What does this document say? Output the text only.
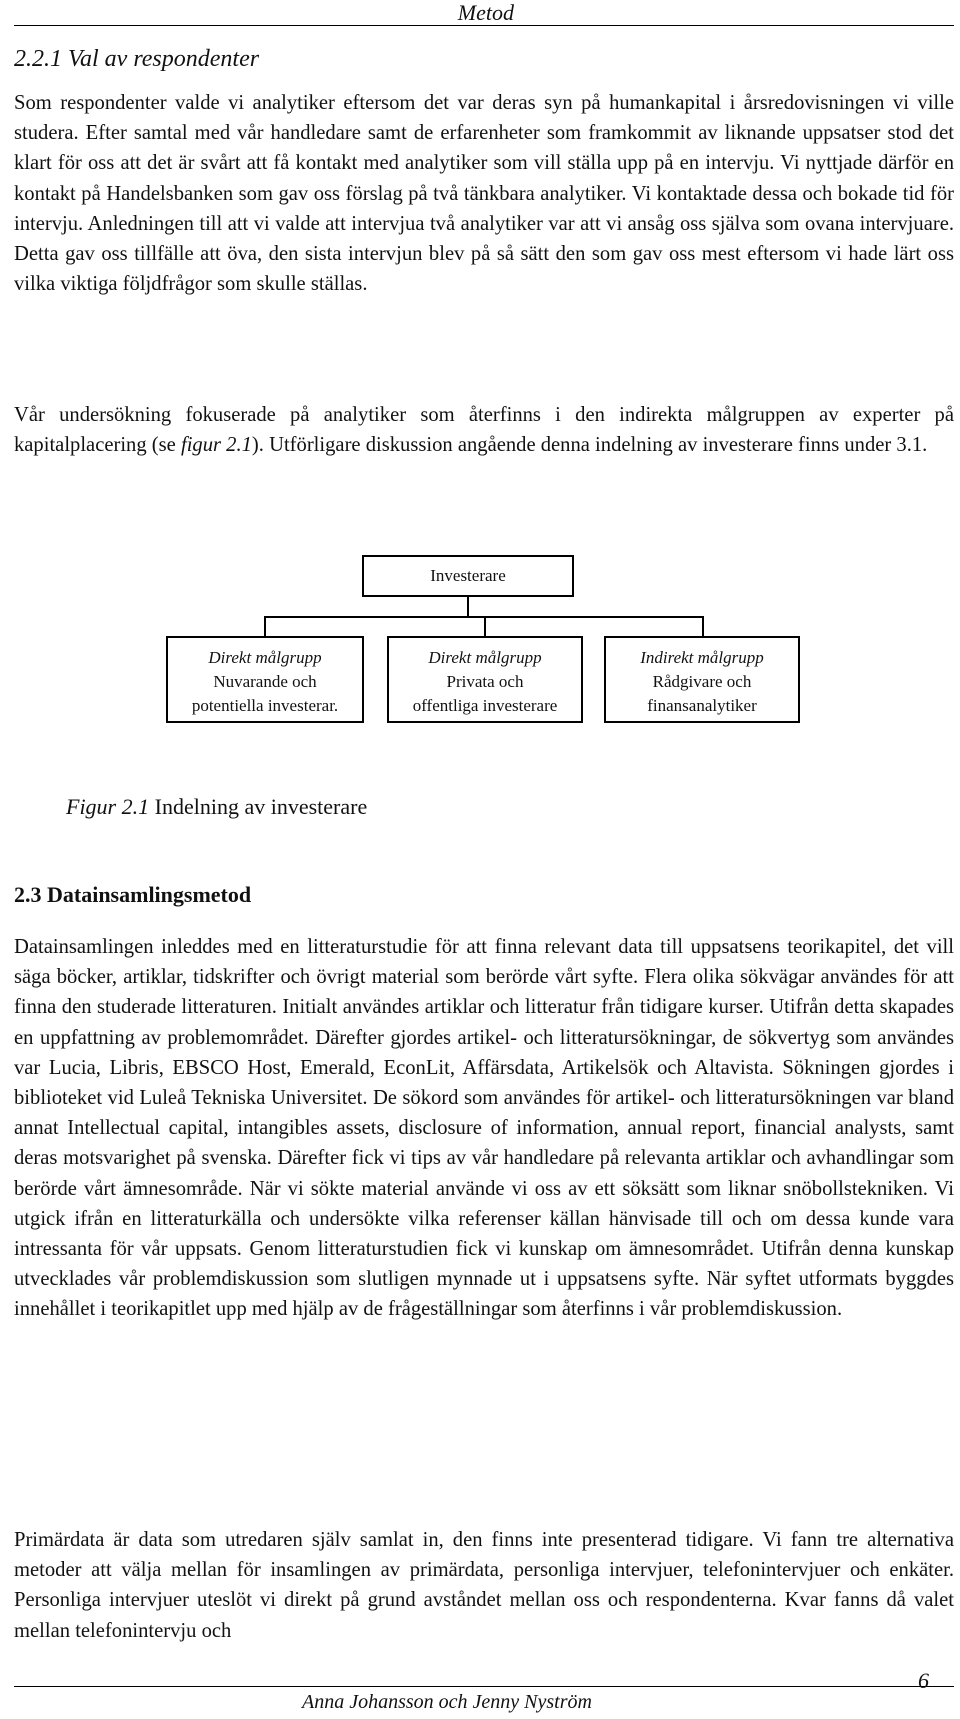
Metod
2.2.1 Val av respondenter

Som respondenter valde vi analytiker eftersom det var deras syn på humankapital i årsredovisningen vi ville studera. Efter samtal med vår handledare samt de erfarenheter som framkommit av liknande uppsatser stod det klart för oss att det är svårt att få kontakt med analytiker som vill ställa upp på en intervju. Vi nyttjade därför en kontakt på Handelsbanken som gav oss förslag på två tänkbara analytiker. Vi kontaktade dessa och bokade tid för intervju. Anledningen till att vi valde att intervjua två analytiker var att vi ansåg oss själva som ovana intervjuare. Detta gav oss tillfälle att öva, den sista intervjun blev på så sätt den som gav oss mest eftersom vi hade lärt oss vilka viktiga följdfrågor som skulle ställas.

Vår undersökning fokuserade på analytiker som återfinns i den indirekta målgruppen av experter på kapitalplacering (se figur 2.1). Utförligare diskussion angående denna indelning av investerare finns under 3.1.

Investerare
Direkt målgrupp
Nuvarande och
potentiella investerar.
Direkt målgrupp
Privata och
offentliga investerare
Indirekt målgrupp
Rådgivare och
finansanalytiker
Figur 2.1 Indelning av investerare
2.3 Datainsamlingsmetod

Datainsamlingen inleddes med en litteraturstudie för att finna relevant data till uppsatsens teorikapitel, det vill säga böcker, artiklar, tidskrifter och övrigt material som berörde vårt syfte. Flera olika sökvägar användes för att finna den studerade litteraturen. Initialt användes artiklar och litteratur från tidigare kurser. Utifrån detta skapades en uppfattning av problemområdet. Därefter gjordes artikel- och litteratursökningar, de sökvertyg som användes var Lucia, Libris, EBSCO Host, Emerald, EconLit, Affärsdata, Artikelsök och Altavista. Sökningen gjordes i biblioteket vid Luleå Tekniska Universitet. De sökord som användes för artikel- och litteratursökningen var bland annat Intellectual capital, intangibles assets, disclosure of information, annual report, financial analysts, samt deras motsvarighet på svenska. Därefter fick vi tips av vår handledare på relevanta artiklar och avhandlingar som berörde vårt ämnesområde. När vi sökte material använde vi oss av ett söksätt som liknar snöbollstekniken. Vi utgick ifrån en litteraturkälla och undersökte vilka referenser källan hänvisade till och om dessa kunde vara intressanta för vår uppsats. Genom litteraturstudien fick vi kunskap om ämnesområdet. Utifrån denna kunskap utvecklades vår problemdiskussion som slutligen mynnade ut i uppsatsens syfte. När syftet utformats byggdes innehållet i teorikapitlet upp med hjälp av de frågeställningar som återfinns i vår problemdiskussion.

Primärdata är data som utredaren själv samlat in, den finns inte presenterad tidigare. Vi fann tre alternativa metoder att välja mellan för insamlingen av primärdata, personliga intervjuer, telefonintervjuer och enkäter. Personliga intervjuer uteslöt vi direkt på grund avståndet mellan oss och respondenterna. Kvar fanns då valet mellan telefonintervju och

6
Anna Johansson och Jenny Nyström
